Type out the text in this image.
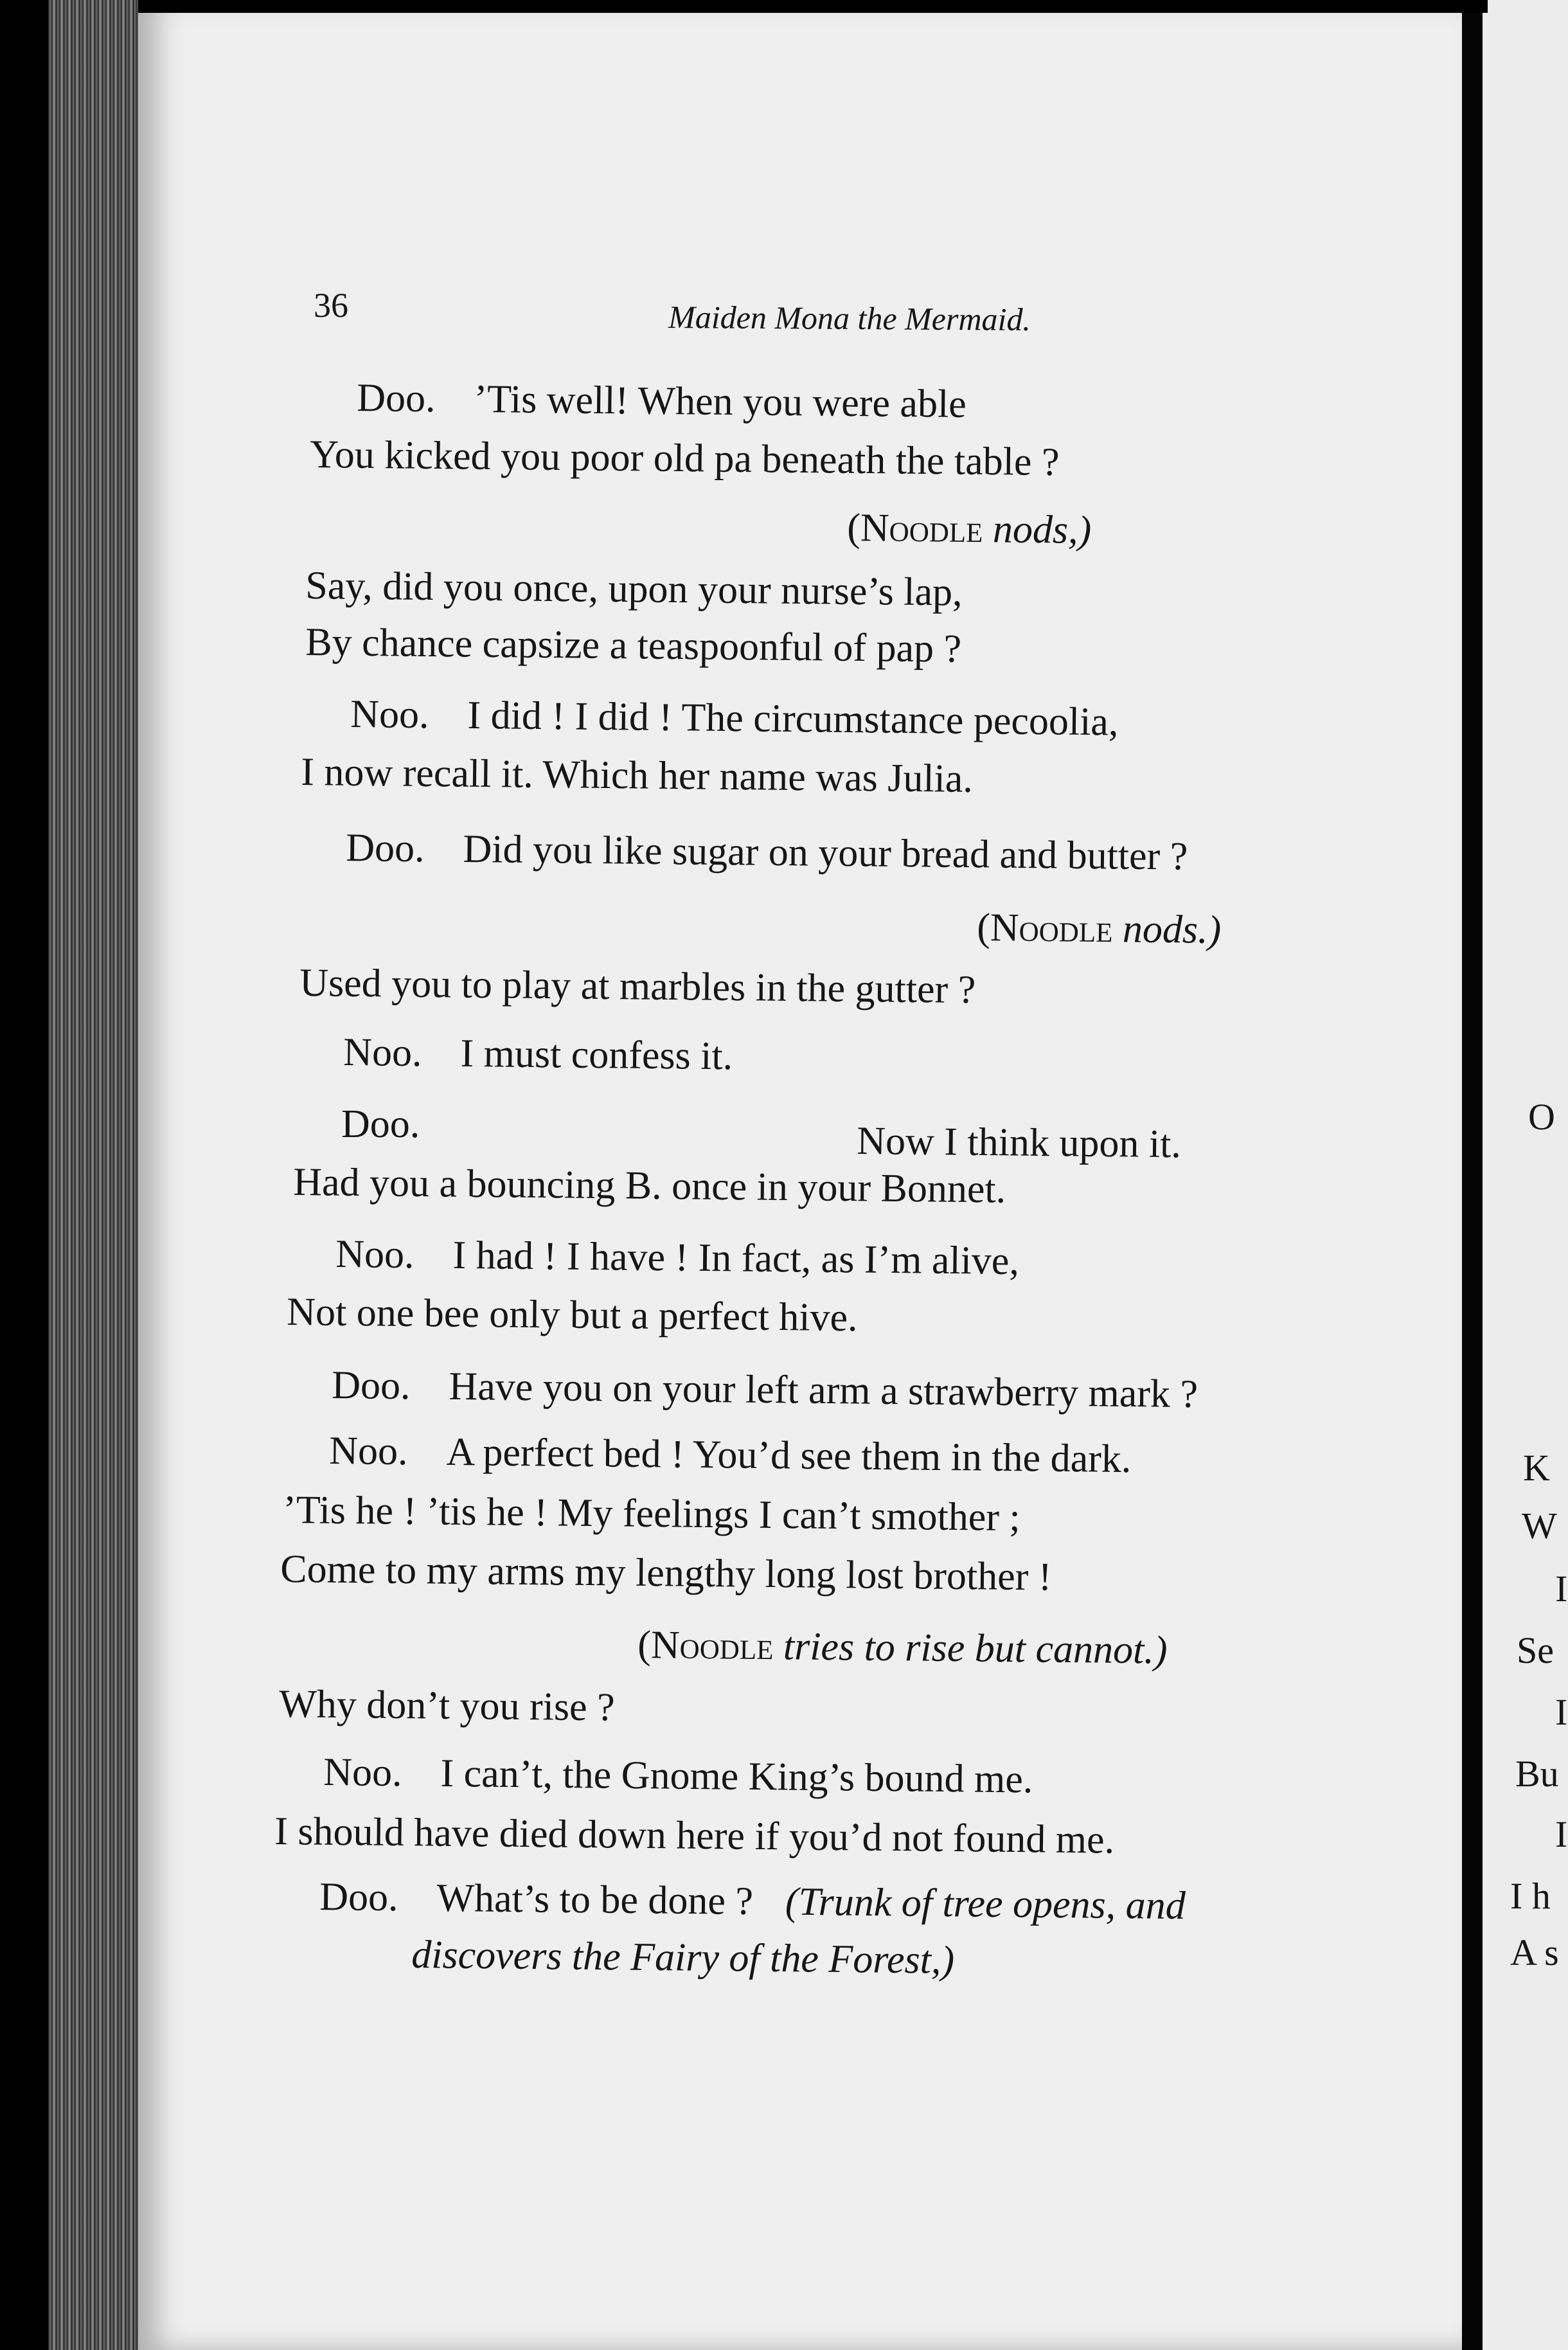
36	Maiden Mona the Mermaid.
Doo. ’Tis well! When you were able
You kicked you poor old pa beneath the table ?
(Noodle nods,)
Say, did you once, upon your nurse’s lap,
By chance capsize a teaspoonful of pap ?
Noo. I did ! I did ! The circumstance pecoolia,
I now recall it. Which her name was Julia.
Doo. Did you like sugar on your bread and butter ?
(Noodle nods.)
Used you to play at marbles in the gutter ?
Noo. I must confess it.
Doo.	Now I think upon it.
Had you a bouncing B. once in your Bonnet.
Noo. I had ! I have ! In fact, as I’m alive,
Not one bee only but a perfect hive.
Doo. Have you on your left arm a strawberry mark ?
Noo. A perfect bed ! You’d see them in the dark.
’Tis he ! ’tis he ! My feelings I can’t smother ;
Come to my arms my lengthy long lost brother !
(Noodle tries to rise but cannot.)
Why don’t you rise ?
Noo. I can’t, the Gnome King’s bound me.
I should have died down here if you’d not found me.
Doo. What’s to be done ? (Trunk of tree opens, and
discovers the Fairy of the Forest,)
O
K
W
I
Se
I
Bu
I
I h
A s
